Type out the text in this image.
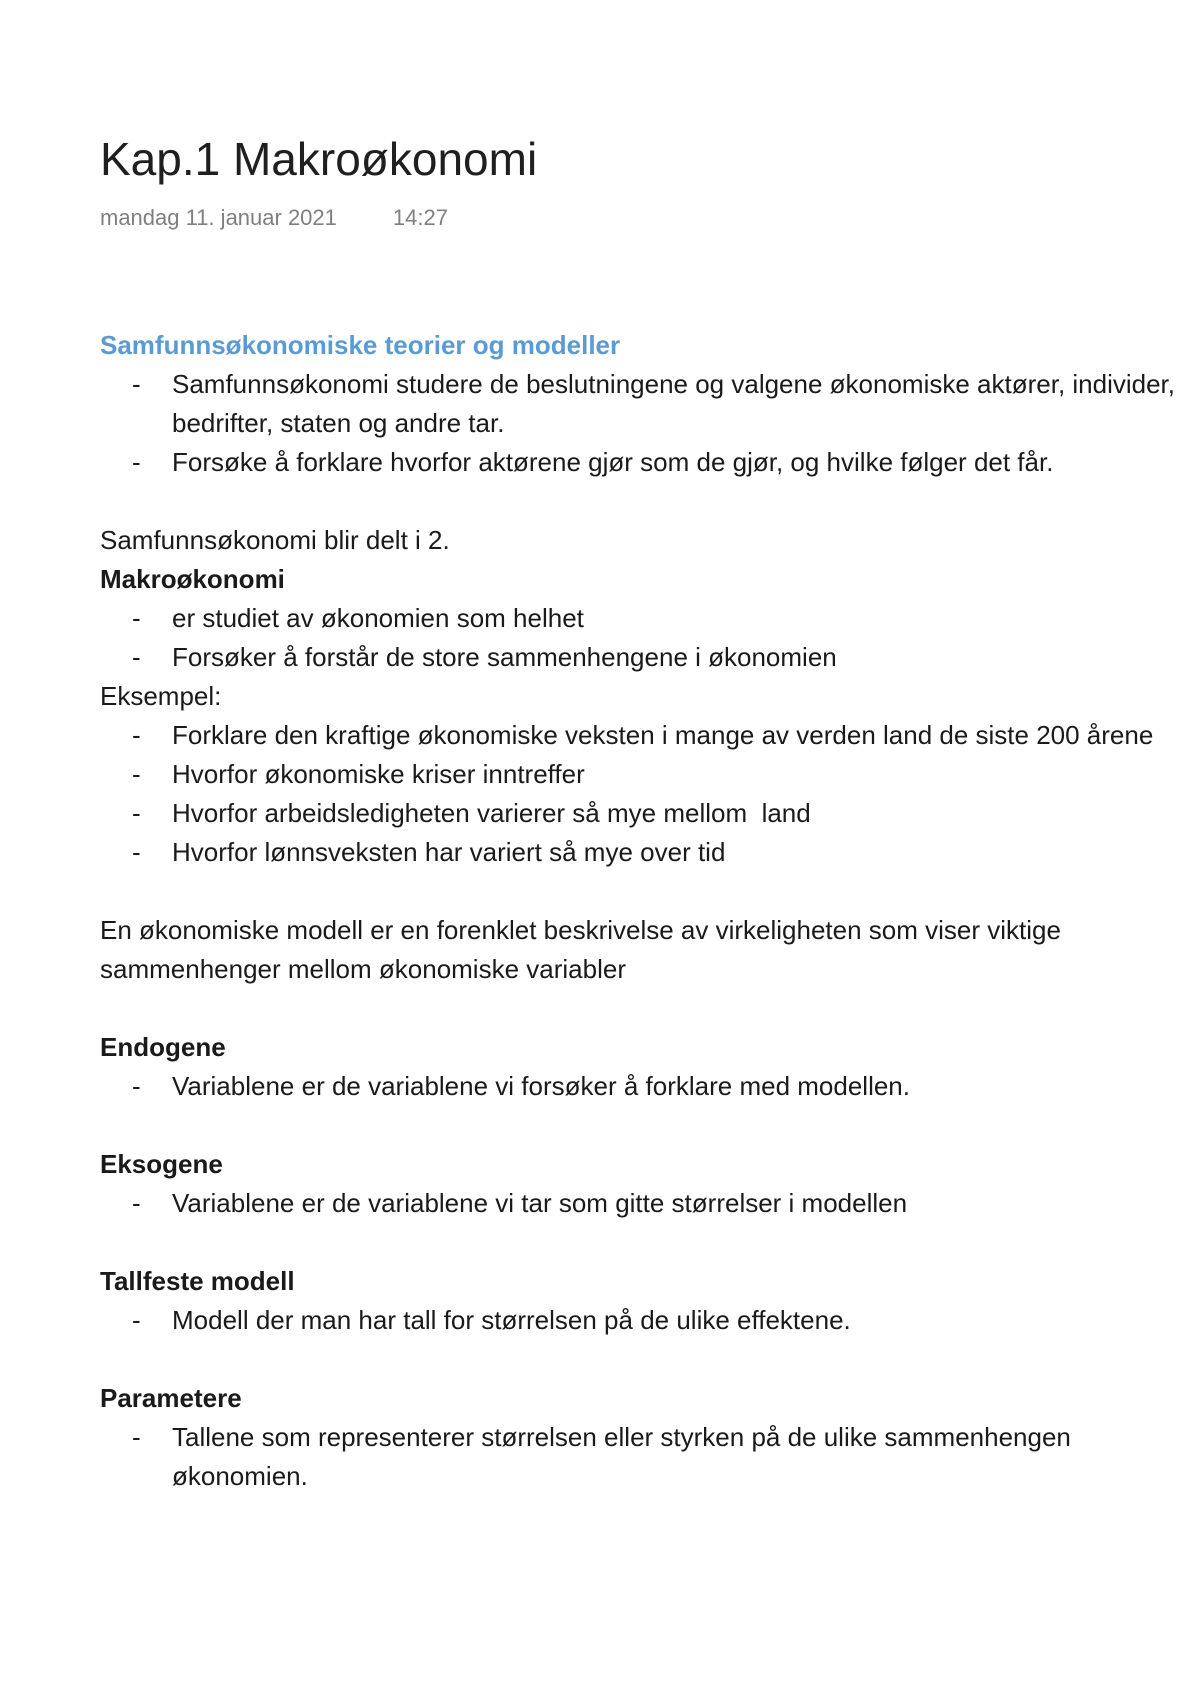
Kap.1 Makroøkonomi
mandag 11. januar 2021	14:27
Samfunnsøkonomiske teorier og modeller
- Samfunnsøkonomi studere de beslutningene og valgene økonomiske aktører, individer, bedrifter, staten og andre tar.
- Forsøke å forklare hvorfor aktørene gjør som de gjør, og hvilke følger det får.

Samfunnsøkonomi blir delt i 2.

Makroøkonomi
- er studiet av økonomien som helhet
- Forsøker å forstår de store sammenhengene i økonomien

Eksempel:

- Forklare den kraftige økonomiske veksten i mange av verden land de siste 200 årene
- Hvorfor økonomiske kriser inntreffer
- Hvorfor arbeidsledigheten varierer så mye mellom  land
- Hvorfor lønnsveksten har variert så mye over tid

En økonomiske modell er en forenklet beskrivelse av virkeligheten som viser viktige sammenhenger mellom økonomiske variabler

Endogene
- Variablene er de variablene vi forsøker å forklare med modellen.
Eksogene
- Variablene er de variablene vi tar som gitte størrelser i modellen
Tallfeste modell
- Modell der man har tall for størrelsen på de ulike effektene.
Parametere
- Tallene som representerer størrelsen eller styrken på de ulike sammenhengen økonomien.
